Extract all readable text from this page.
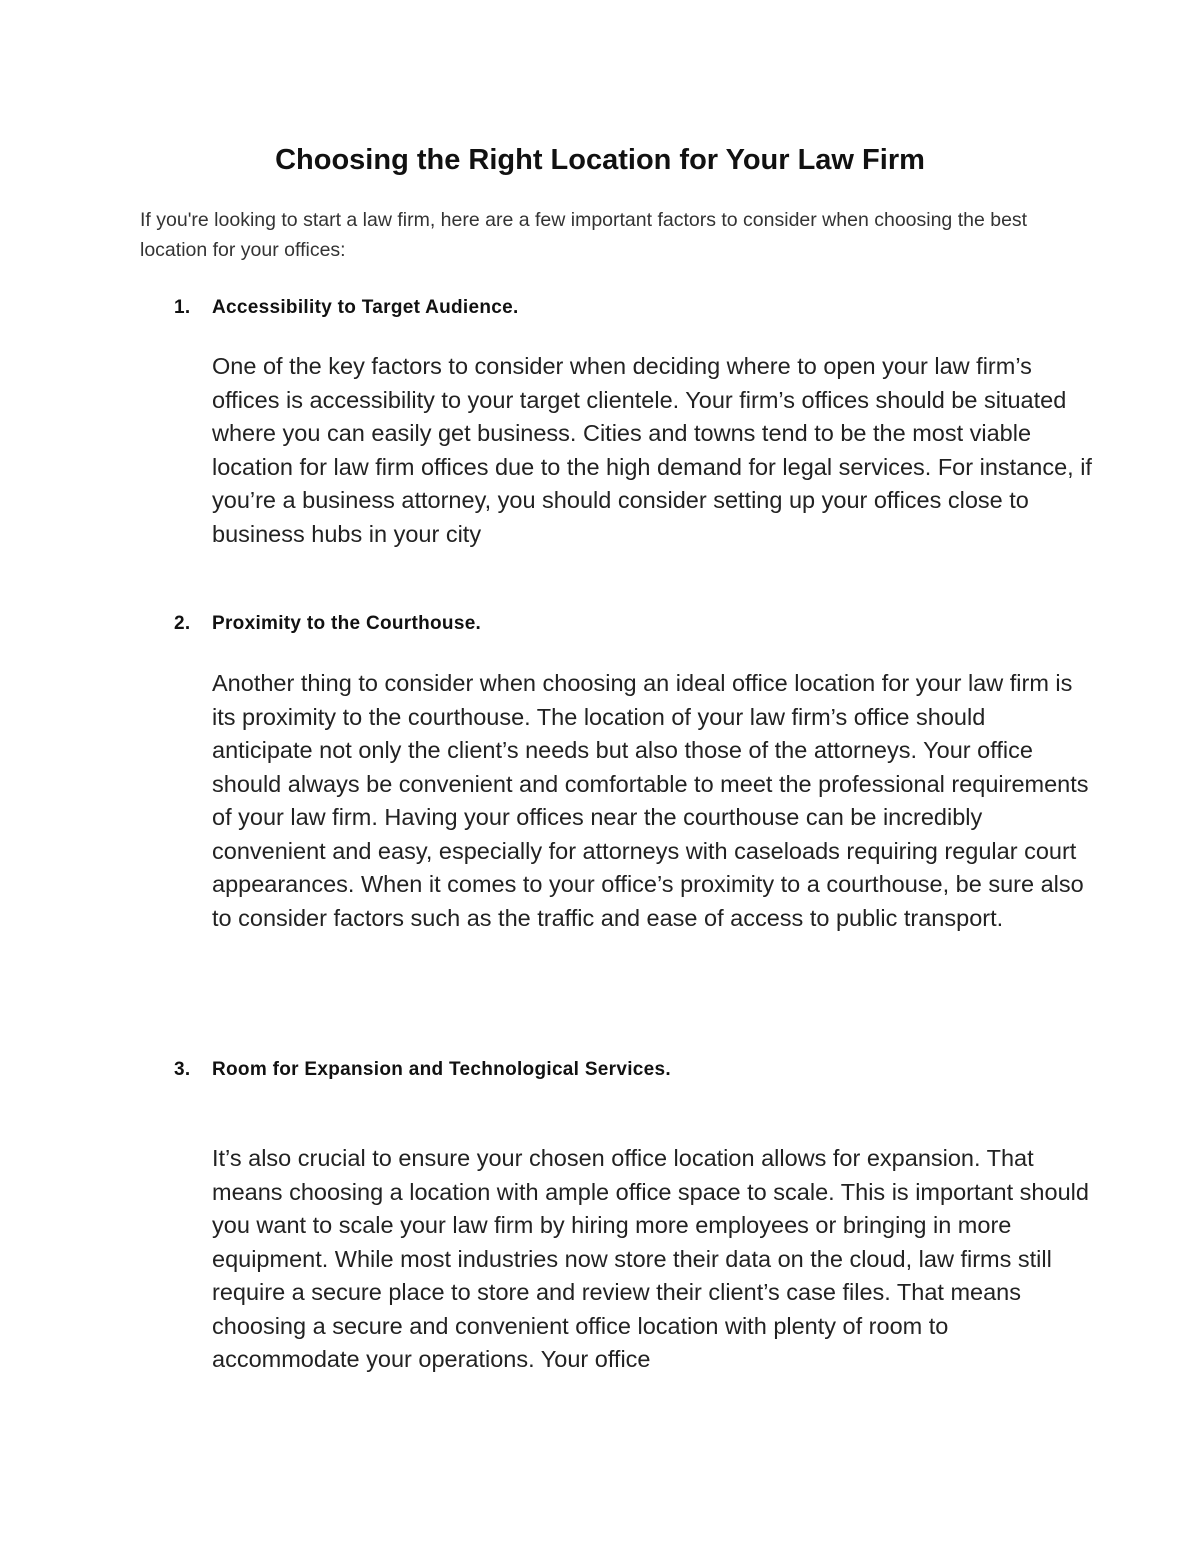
Choosing the Right Location for Your Law Firm

If you're looking to start a law firm, here are a few important factors to consider when choosing the best location for your offices:

1. Accessibility to Target Audience.

One of the key factors to consider when deciding where to open your law firm’s offices is accessibility to your target clientele. Your firm’s offices should be situated where you can easily get business. Cities and towns tend to be the most viable location for law firm offices due to the high demand for legal services. For instance, if you’re a business attorney, you should consider setting up your offices close to business hubs in your city

2. Proximity to the Courthouse.

Another thing to consider when choosing an ideal office location for your law firm is its proximity to the courthouse. The location of your law firm’s office should anticipate not only the client’s needs but also those of the attorneys. Your office should always be convenient and comfortable to meet the professional requirements of your law firm. Having your offices near the courthouse can be incredibly convenient and easy, especially for attorneys with caseloads requiring regular court appearances. When it comes to your office’s proximity to a courthouse, be sure also to consider factors such as the traffic and ease of access to public transport.

3. Room for Expansion and Technological Services.

It’s also crucial to ensure your chosen office location allows for expansion. That means choosing a location with ample office space to scale. This is important should you want to scale your law firm by hiring more employees or bringing in more equipment. While most industries now store their data on the cloud, law firms still require a secure place to store and review their client’s case files. That means choosing a secure and convenient office location with plenty of room to accommodate your operations. Your office
